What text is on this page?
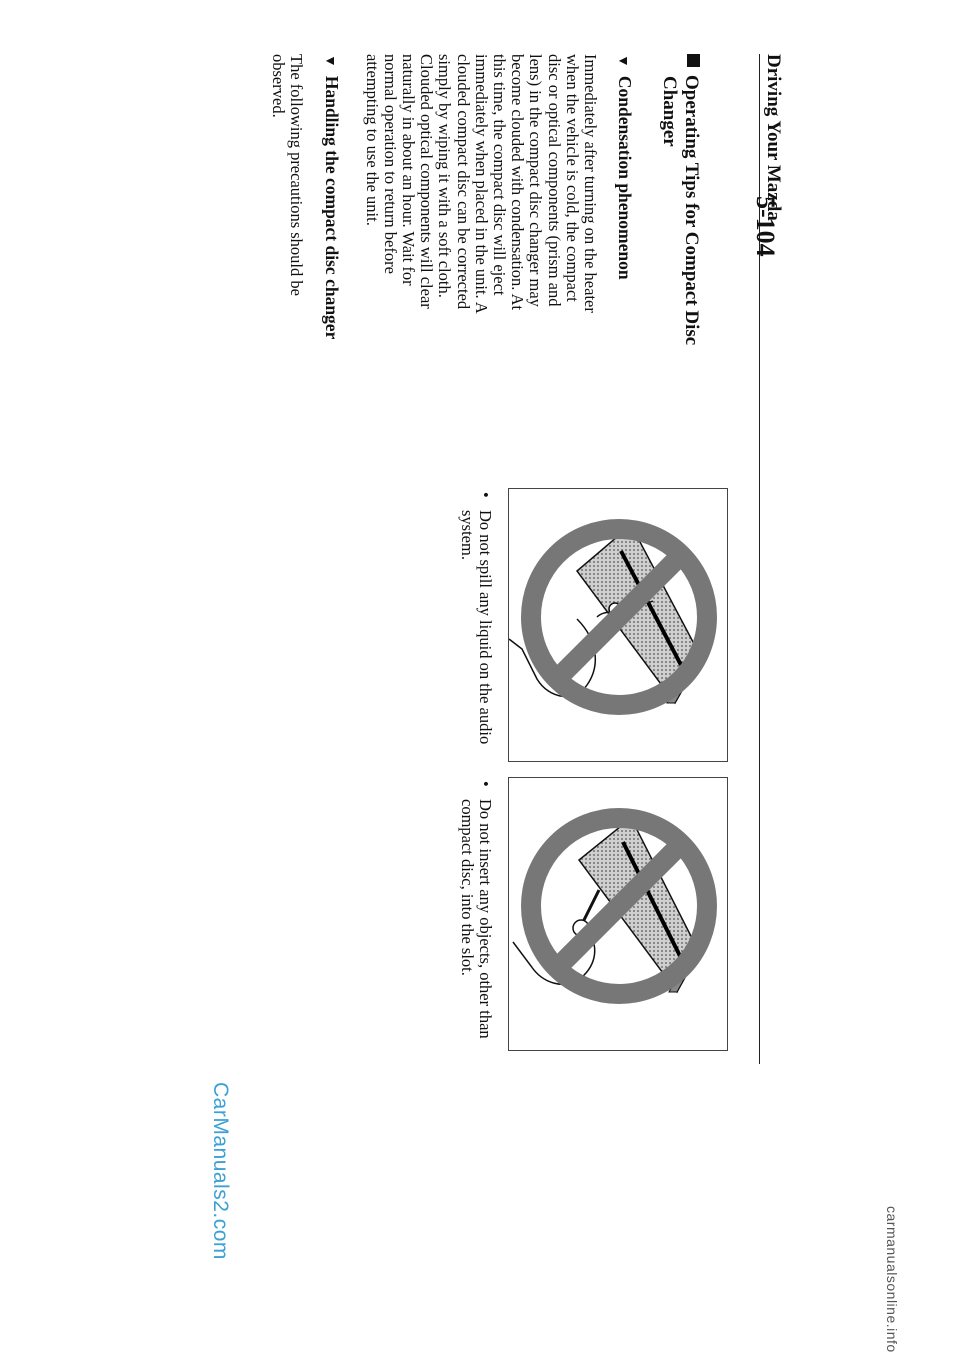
Driving Your Mazda
Operating Tips for Compact Disc
Changer
▼Condensation phenomenon
Immediately after turning on the heater
when the vehicle is cold, the compact
disc or optical components (prism and
lens) in the compact disc changer may
become clouded with condensation. At
this time, the compact disc will eject
immediately when placed in the unit. A
clouded compact disc can be corrected
simply by wiping it with a soft cloth.
Clouded optical components will clear
naturally in about an hour. Wait for
normal operation to return before
attempting to use the unit.
▼Handling the compact disc changer
The following precautions should be
observed.
•
Do not spill any liquid on the audio
system.
•
Do not insert any objects, other than
compact disc, into the slot.
5-104
CarManuals2.com
carmanualsonline.info
